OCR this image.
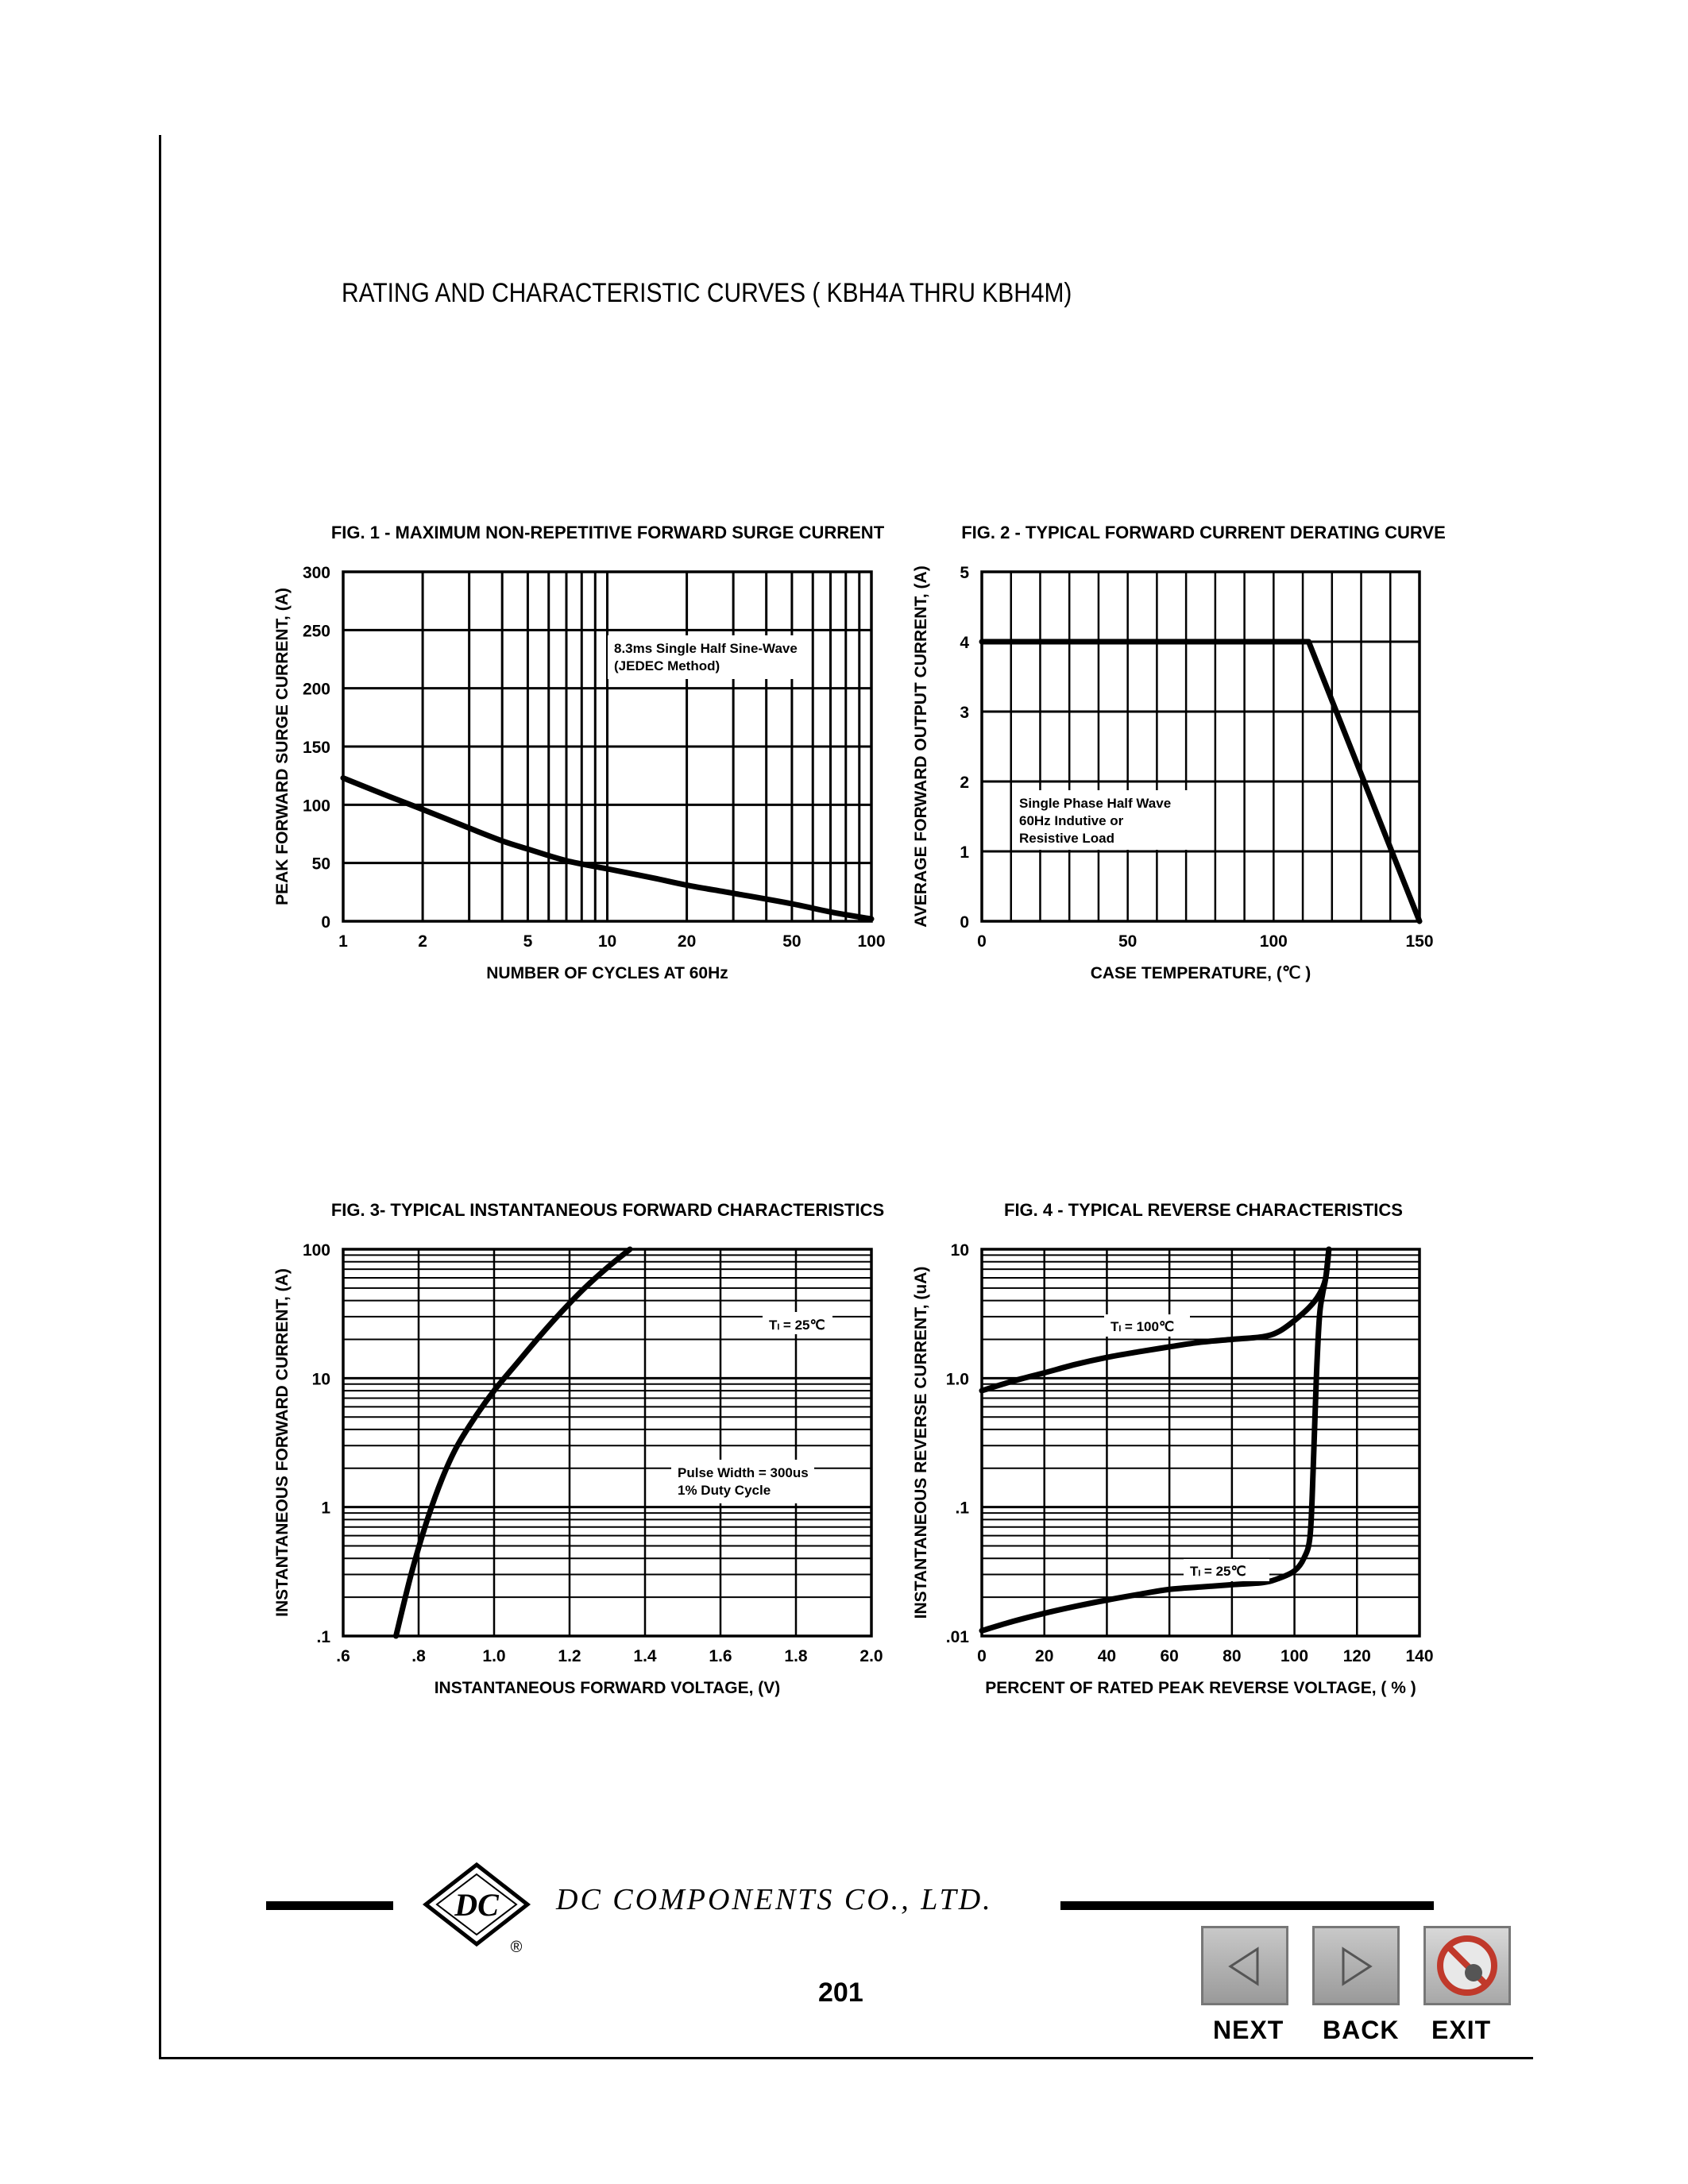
RATING AND CHARACTERISTIC CURVES ( KBH4A THRU KBH4M)
FIG. 1 - MAXIMUM NON-REPETITIVE FORWARD SURGE CURRENT
1	2	5	10	20	50	100
0
50
100
150
200
250
300
NUMBER OF CYCLES AT 60Hz
PEAK FORWARD SURGE CURRENT, (A)	8.3ms Single Half Sine-Wave
(JEDEC Method)
FIG. 2 - TYPICAL FORWARD CURRENT DERATING CURVE
0	50	100	150
0
1
2
3
4
5
CASE TEMPERATURE, (℃ )
AVERAGE FORWARD OUTPUT CURRENT, (A)	Single Phase Half Wave
60Hz Indutive or
Resistive Load
FIG. 3- TYPICAL INSTANTANEOUS FORWARD CHARACTERISTICS
.6	.8	1.0	1.2	1.4	1.6	1.8	2.0
.1
1
10
100
INSTANTANEOUS FORWARD VOLTAGE, (V)
INSTANTANEOUS FORWARD CURRENT, (A)	Tₗ = 25℃
Pulse Width = 300us
1% Duty Cycle
FIG. 4 - TYPICAL REVERSE CHARACTERISTICS
0	20	40	60	80 100 120 140
.01
.1
1.0
10
PERCENT OF RATED PEAK REVERSE VOLTAGE, ( % )
INSTANTANEOUS REVERSE CURRENT, (uA)	Tₗ = 100℃
Tₗ = 25℃
DC
®
DC COMPONENTS CO., LTD.
201
NEXT BACK EXIT
